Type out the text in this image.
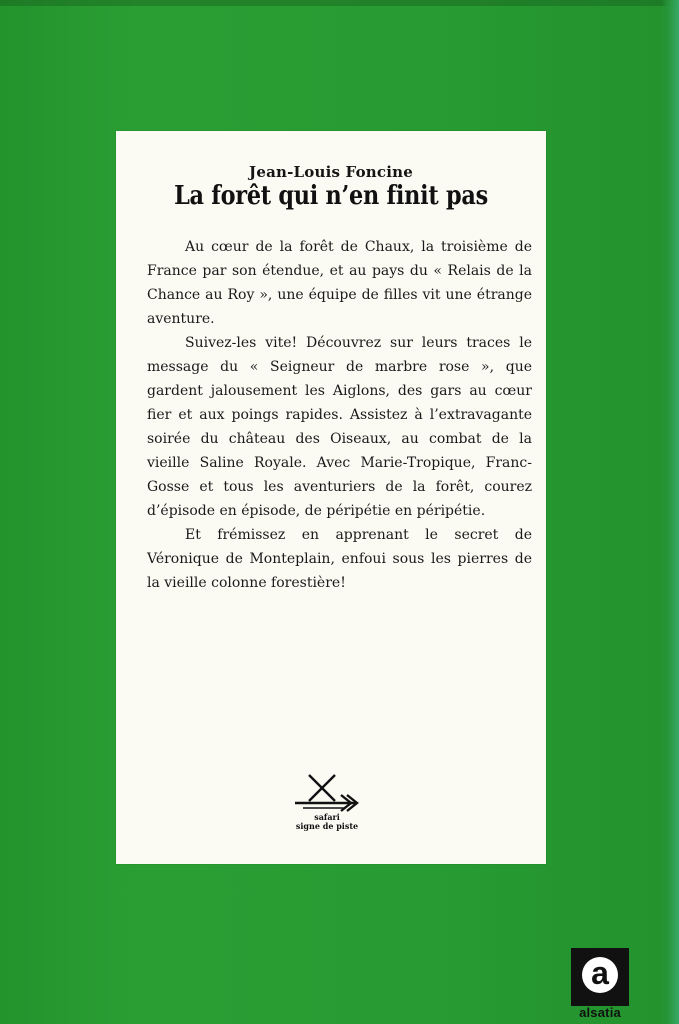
Jean-Louis Foncine

La forêt qui n’en finit pas

Au cœur de la forêt de Chaux, la troisième de France par son étendue, et au pays du « Relais de la Chance au Roy », une équipe de filles vit une étrange aventure.

Suivez-les vite! Découvrez sur leurs traces le message du « Seigneur de marbre rose », que gardent jalousement les Aiglons, des gars au cœur fier et aux poings rapides. Assistez à l’extravagante soirée du château des Oiseaux, au combat de la vieille Saline Royale. Avec Marie-Tropique, Franc-Gosse et tous les aventuriers de la forêt, courez d’épisode en épisode, de péripétie en péripétie.

Et frémissez en apprenant le secret de Véronique de Monteplain, enfoui sous les pierres de la vieille colonne forestière!

safari

signe de piste

a

alsatia
